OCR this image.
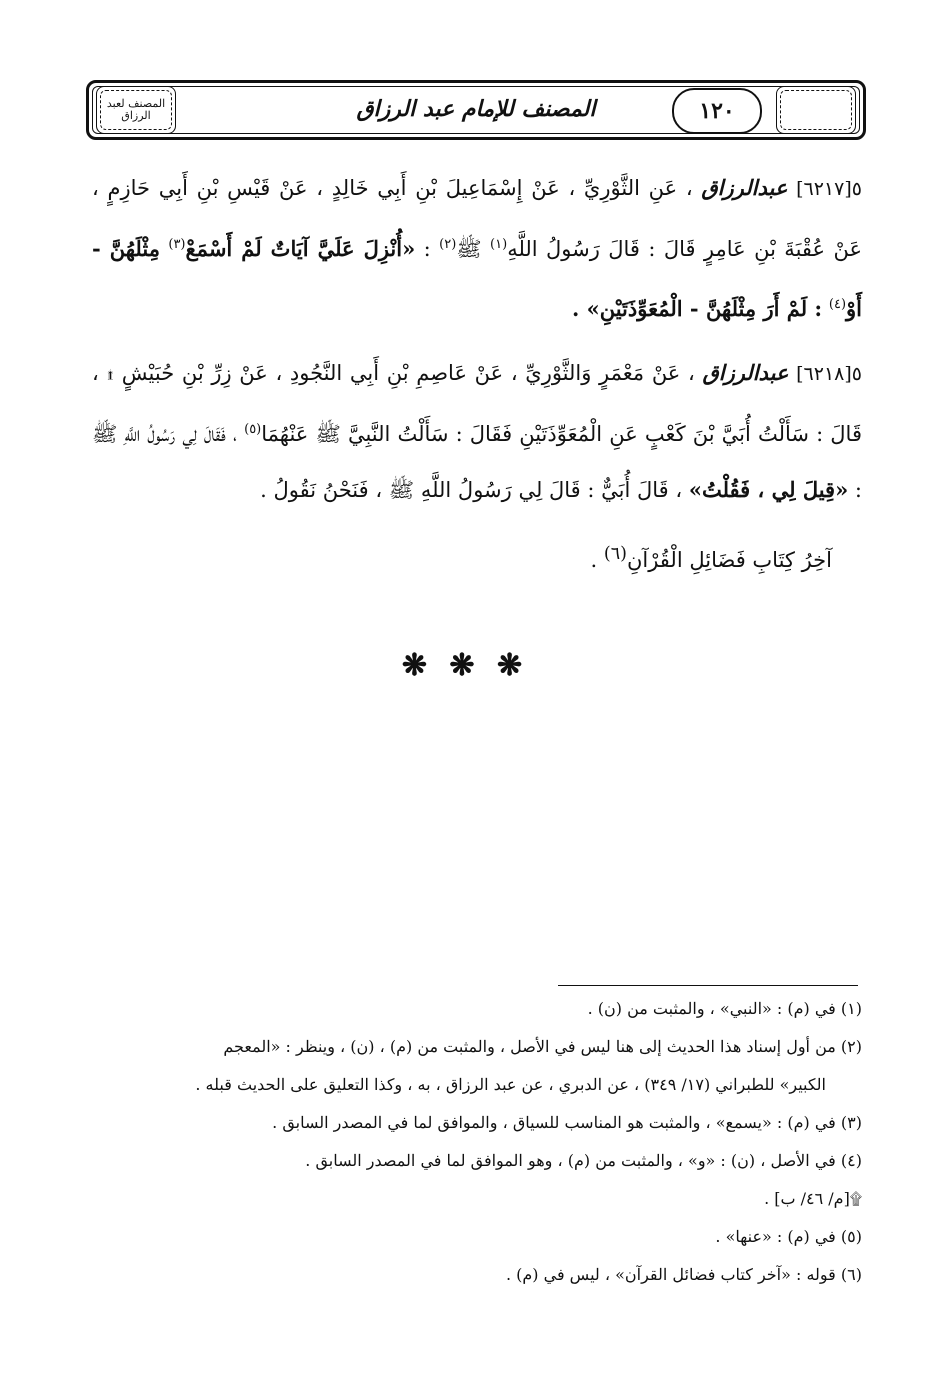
المصنف لعبد الرزاق	١٢٠
المصنف للإمام عبد الرزاق

٥[٦٢١٧] عبدالرزاق ، عَنِ الثَّوْرِيِّ ، عَنْ إِسْمَاعِيلَ بْنِ أَبِي خَالِدٍ ، عَنْ قَيْسِ بْنِ أَبِي حَازِمٍ ، عَنْ عُقْبَةَ بْنِ عَامِرٍ قَالَ : قَالَ رَسُولُ اللَّهِ$^{(١)}$ ﷺ$^{(٢)}$ : «أُنْزِلَ عَلَيَّ آيَاتٌ لَمْ أَسْمَعْ$^{(٣)}$ مِثْلَهُنَّ - أَوْ$^{(٤)}$ : لَمْ أَرَ مِثْلَهُنَّ - الْمُعَوِّذَتَيْنِ» .

٥[٦٢١٨] عبدالرزاق ، عَنْ مَعْمَرٍ وَالثَّوْرِيِّ ، عَنْ عَاصِمِ بْنِ أَبِي النَّجُودِ ، عَنْ زِرِّ بْنِ حُبَيْشٍ ۩ ، قَالَ : سَأَلْتُ أُبَيَّ بْنَ كَعْبٍ عَنِ الْمُعَوِّذَتَيْنِ فَقَالَ : سَأَلْتُ النَّبِيَّ ﷺ عَنْهُمَا$^{(٥)}$ ، فَقَالَ لِي رَسُولُ اللَّهِ ﷺ : «قِيلَ لِي ، فَقُلْتُ» ، قَالَ أُبَيٌّ : قَالَ لِي رَسُولُ اللَّهِ ﷺ ، فَنَحْنُ نَقُولُ .

آخِرُ كِتَابِ فَضَائِلِ الْقُرْآنِ$^{(٦)}$ .

❋ ❋ ❋

(١) في (م) : «النبي» ، والمثبت من (ن) .

(٢) من أول إسناد هذا الحديث إلى هنا ليس في الأصل ، والمثبت من (م) ، (ن) ، وينظر : «المعجم

الكبير» للطبراني (١٧/ ٣٤٩) ، عن الدبري ، عن عبد الرزاق ، به ، وكذا التعليق على الحديث قبله .

(٣) في (م) : «يسمع» ، والمثبت هو المناسب للسياق ، والموافق لما في المصدر السابق .

(٤) في الأصل ، (ن) : «و» ، والمثبت من (م) ، وهو الموافق لما في المصدر السابق .

۩[م/ ٤٦/ ب] .

(٥) في (م) : «عنها» .

(٦) قوله : «آخر كتاب فضائل القرآن» ، ليس في (م) .
